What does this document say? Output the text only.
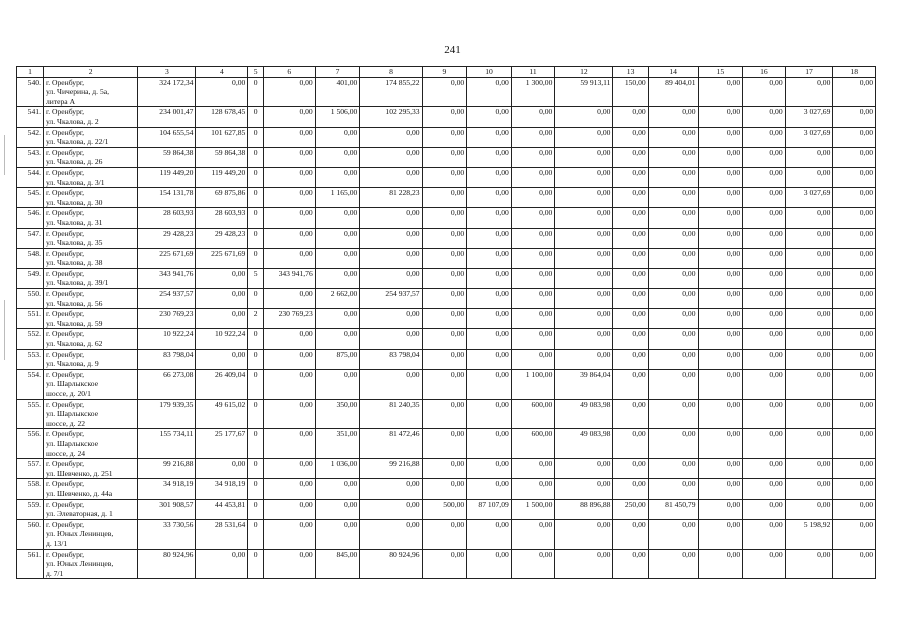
241
1	2	3	4	5	6	7	8	9	10	11	12	13	14	15	16	17	18
540.	г. Оренбург,
ул. Чичерина, д. 5а,
литера А	324 172,34	0,00	0	0,00	401,00	174 855,22	0,00	0,00	1 300,00	59 913,11	150,00	89 404,01	0,00	0,00	0,00	0,00
541.	г. Оренбург,
ул. Чкалова, д. 2	234 001,47	128 678,45	0	0,00	1 506,00	102 295,33	0,00	0,00	0,00	0,00	0,00	0,00	0,00	0,00	3 027,69	0,00
542.	г. Оренбург,
ул. Чкалова, д. 22/1	104 655,54	101 627,85	0	0,00	0,00	0,00	0,00	0,00	0,00	0,00	0,00	0,00	0,00	0,00	3 027,69	0,00
543.	г. Оренбург,
ул. Чкалова, д. 26	59 864,38	59 864,38	0	0,00	0,00	0,00	0,00	0,00	0,00	0,00	0,00	0,00	0,00	0,00	0,00	0,00
544.	г. Оренбург,
ул. Чкалова, д. 3/1	119 449,20	119 449,20	0	0,00	0,00	0,00	0,00	0,00	0,00	0,00	0,00	0,00	0,00	0,00	0,00	0,00
545.	г. Оренбург,
ул. Чкалова, д. 30	154 131,78	69 875,86	0	0,00	1 165,00	81 228,23	0,00	0,00	0,00	0,00	0,00	0,00	0,00	0,00	3 027,69	0,00
546.	г. Оренбург,
ул. Чкалова, д. 31	28 603,93	28 603,93	0	0,00	0,00	0,00	0,00	0,00	0,00	0,00	0,00	0,00	0,00	0,00	0,00	0,00
547.	г. Оренбург,
ул. Чкалова, д. 35	29 428,23	29 428,23	0	0,00	0,00	0,00	0,00	0,00	0,00	0,00	0,00	0,00	0,00	0,00	0,00	0,00
548.	г. Оренбург,
ул. Чкалова, д. 38	225 671,69	225 671,69	0	0,00	0,00	0,00	0,00	0,00	0,00	0,00	0,00	0,00	0,00	0,00	0,00	0,00
549.	г. Оренбург,
ул. Чкалова, д. 39/1	343 941,76	0,00	5	343 941,76	0,00	0,00	0,00	0,00	0,00	0,00	0,00	0,00	0,00	0,00	0,00	0,00
550.	г. Оренбург,
ул. Чкалова, д. 56	254 937,57	0,00	0	0,00	2 662,00	254 937,57	0,00	0,00	0,00	0,00	0,00	0,00	0,00	0,00	0,00	0,00
551.	г. Оренбург,
ул. Чкалова, д. 59	230 769,23	0,00	2	230 769,23	0,00	0,00	0,00	0,00	0,00	0,00	0,00	0,00	0,00	0,00	0,00	0,00
552.	г. Оренбург,
ул. Чкалова, д. 62	10 922,24	10 922,24	0	0,00	0,00	0,00	0,00	0,00	0,00	0,00	0,00	0,00	0,00	0,00	0,00	0,00
553.	г. Оренбург,
ул. Чкалова, д. 9	83 798,04	0,00	0	0,00	875,00	83 798,04	0,00	0,00	0,00	0,00	0,00	0,00	0,00	0,00	0,00	0,00
554.	г. Оренбург,
ул. Шарлыкское
шоссе, д. 20/1	66 273,08	26 409,04	0	0,00	0,00	0,00	0,00	0,00	1 100,00	39 864,04	0,00	0,00	0,00	0,00	0,00	0,00
555.	г. Оренбург,
ул. Шарлыкское
шоссе, д. 22	179 939,35	49 615,02	0	0,00	350,00	81 240,35	0,00	0,00	600,00	49 083,98	0,00	0,00	0,00	0,00	0,00	0,00
556.	г. Оренбург,
ул. Шарлыкское
шоссе, д. 24	155 734,11	25 177,67	0	0,00	351,00	81 472,46	0,00	0,00	600,00	49 083,98	0,00	0,00	0,00	0,00	0,00	0,00
557.	г. Оренбург,
ул. Шевченко, д. 251	99 216,88	0,00	0	0,00	1 036,00	99 216,88	0,00	0,00	0,00	0,00	0,00	0,00	0,00	0,00	0,00	0,00
558.	г. Оренбург,
ул. Шевченко, д. 44а	34 918,19	34 918,19	0	0,00	0,00	0,00	0,00	0,00	0,00	0,00	0,00	0,00	0,00	0,00	0,00	0,00
559.	г. Оренбург,
ул. Элеваторная, д. 1	301 908,57	44 453,81	0	0,00	0,00	0,00	500,00	87 107,09	1 500,00	88 896,88	250,00	81 450,79	0,00	0,00	0,00	0,00
560.	г. Оренбург,
ул. Юных Ленинцев,
д. 13/1	33 730,56	28 531,64	0	0,00	0,00	0,00	0,00	0,00	0,00	0,00	0,00	0,00	0,00	0,00	5 198,92	0,00
561.	г. Оренбург,
ул. Юных Ленинцев,
д. 7/1	80 924,96	0,00	0	0,00	845,00	80 924,96	0,00	0,00	0,00	0,00	0,00	0,00	0,00	0,00	0,00	0,00
